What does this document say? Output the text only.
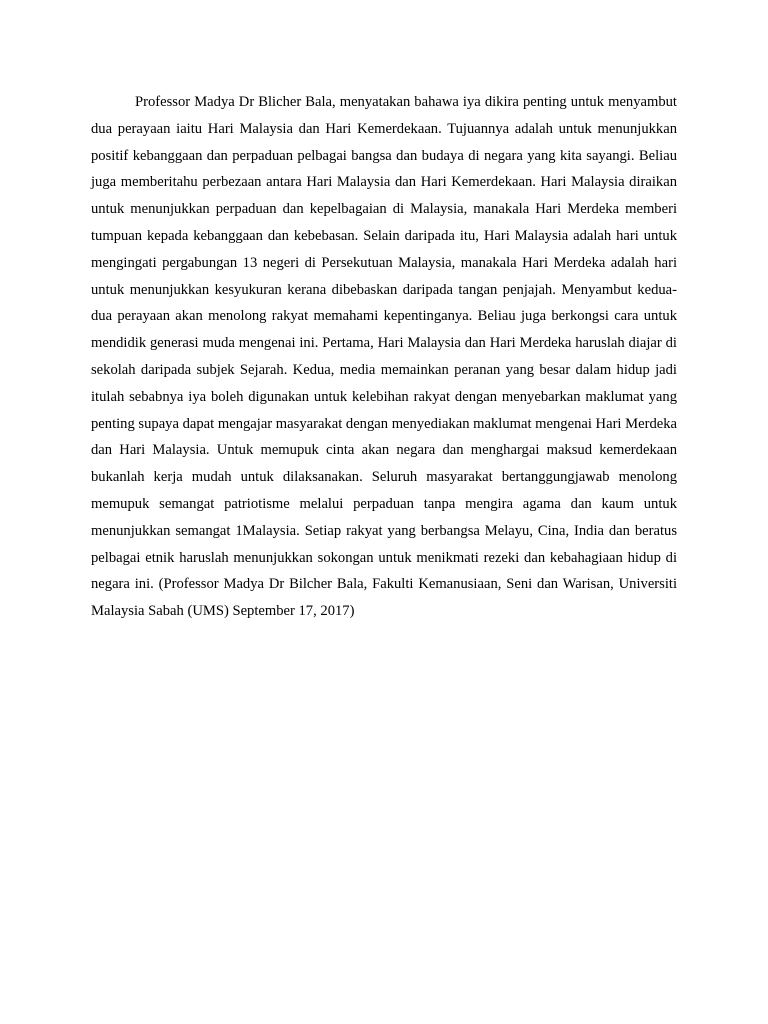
Professor Madya Dr Blicher Bala, menyatakan bahawa iya dikira penting untuk menyambut dua perayaan iaitu Hari Malaysia dan Hari Kemerdekaan. Tujuannya adalah untuk menunjukkan positif kebanggaan dan perpaduan pelbagai bangsa dan budaya di negara yang kita sayangi. Beliau juga memberitahu perbezaan antara Hari Malaysia dan Hari Kemerdekaan. Hari Malaysia diraikan untuk menunjukkan perpaduan dan kepelbagaian di Malaysia, manakala Hari Merdeka memberi tumpuan kepada kebanggaan dan kebebasan. Selain daripada itu, Hari Malaysia adalah hari untuk mengingati pergabungan 13 negeri di Persekutuan Malaysia, manakala Hari Merdeka adalah hari untuk menunjukkan kesyukuran kerana dibebaskan daripada tangan penjajah. Menyambut kedua-dua perayaan akan menolong rakyat memahami kepentinganya. Beliau juga berkongsi cara untuk mendidik generasi muda mengenai ini. Pertama, Hari Malaysia dan Hari Merdeka haruslah diajar di sekolah daripada subjek Sejarah. Kedua, media memainkan peranan yang besar dalam hidup jadi itulah sebabnya iya boleh digunakan untuk kelebihan rakyat dengan menyebarkan maklumat yang penting supaya dapat mengajar masyarakat dengan menyediakan maklumat mengenai Hari Merdeka dan Hari Malaysia. Untuk memupuk cinta akan negara dan menghargai maksud kemerdekaan bukanlah kerja mudah untuk dilaksanakan. Seluruh masyarakat bertanggungjawab menolong memupuk semangat patriotisme melalui perpaduan tanpa mengira agama dan kaum untuk menunjukkan semangat 1Malaysia. Setiap rakyat yang berbangsa Melayu, Cina, India dan beratus pelbagai etnik haruslah menunjukkan sokongan untuk menikmati rezeki dan kebahagiaan hidup di negara ini. (Professor Madya Dr Bilcher Bala, Fakulti Kemanusiaan, Seni dan Warisan, Universiti Malaysia Sabah (UMS) September 17, 2017)
